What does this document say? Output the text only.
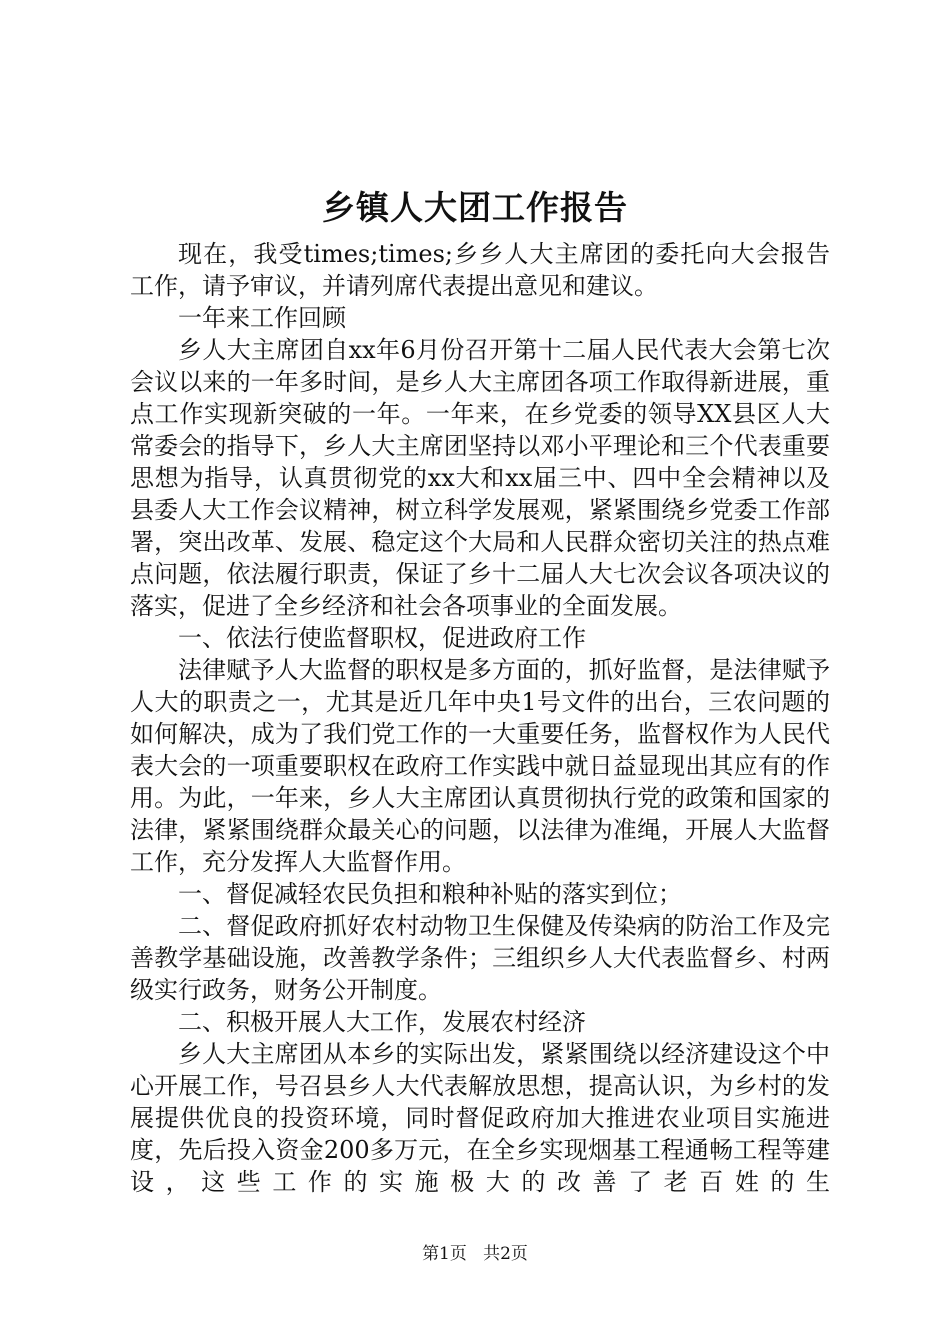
乡镇人大团工作报告

现在，我受times;times;乡乡人大主席团的委托向大会报告工作，请予审议，并请列席代表提出意见和建议。

一年来工作回顾

乡人大主席团自xx年6月份召开第十二届人民代表大会第七次会议以来的一年多时间，是乡人大主席团各项工作取得新进展，重点工作实现新突破的一年。一年来，在乡党委的领导XX县区人大常委会的指导下，乡人大主席团坚持以邓小平理论和三个代表重要思想为指导，认真贯彻党的xx大和xx届三中、四中全会精神以及县委人大工作会议精神，树立科学发展观，紧紧围绕乡党委工作部署，突出改革、发展、稳定这个大局和人民群众密切关注的热点难点问题，依法履行职责，保证了乡十二届人大七次会议各项决议的落实，促进了全乡经济和社会各项事业的全面发展。

一、依法行使监督职权，促进政府工作

法律赋予人大监督的职权是多方面的，抓好监督，是法律赋予人大的职责之一，尤其是近几年中央1号文件的出台，三农问题的如何解决，成为了我们党工作的一大重要任务，监督权作为人民代表大会的一项重要职权在政府工作实践中就日益显现出其应有的作用。为此，一年来，乡人大主席团认真贯彻执行党的政策和国家的法律，紧紧围绕群众最关心的问题，以法律为准绳，开展人大监督工作，充分发挥人大监督作用。

一、督促减轻农民负担和粮种补贴的落实到位；

二、督促政府抓好农村动物卫生保健及传染病的防治工作及完善教学基础设施，改善教学条件；三组织乡人大代表监督乡、村两级实行政务，财务公开制度。

二、积极开展人大工作，发展农村经济

乡人大主席团从本乡的实际出发，紧紧围绕以经济建设这个中心开展工作，号召县乡人大代表解放思想，提高认识，为乡村的发展提供优良的投资环境，同时督促政府加大推进农业项目实施进度，先后投入资金200多万元，在全乡实现烟基工程通畅工程等建设，这些工作的实施极大的改善了老百姓的生

第1页 共2页
